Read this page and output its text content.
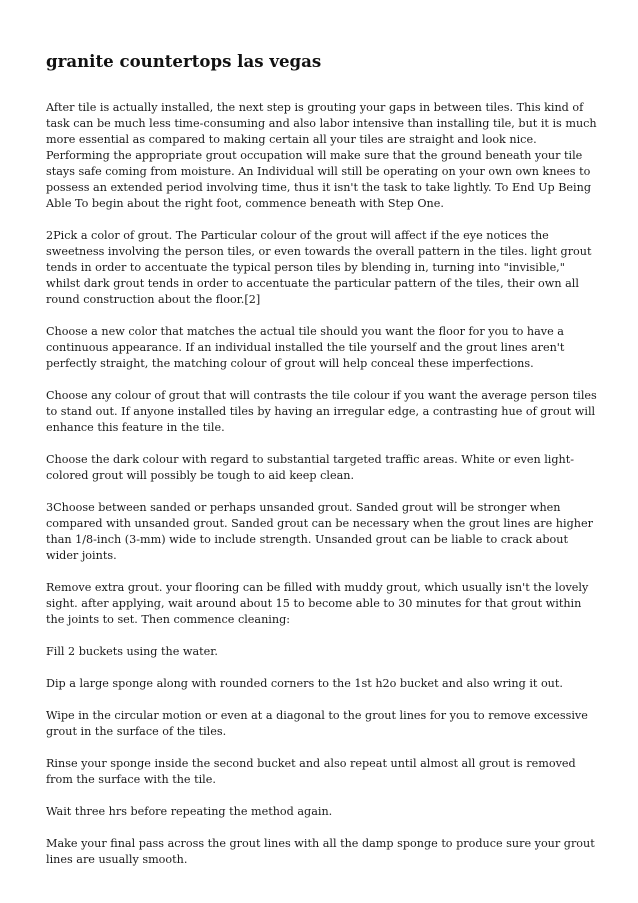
granite countertops las vegas

After tile is actually installed, the next step is grouting your gaps in between tiles. This kind of task can be much less time-consuming and also labor intensive than installing tile, but it is much more essential as compared to making certain all your tiles are straight and look nice. Performing the appropriate grout occupation will make sure that the ground beneath your tile stays safe coming from moisture. An Individual will still be operating on your own own knees to possess an extended period involving time, thus it isn't the task to take lightly. To End Up Being Able To begin about the right foot, commence beneath with Step One.

2Pick a color of grout. The Particular colour of the grout will affect if the eye notices the sweetness involving the person tiles, or even towards the overall pattern in the tiles. light grout tends in order to accentuate the typical person tiles by blending in, turning into "invisible," whilst dark grout tends in order to accentuate the particular pattern of the tiles, their own all round construction about the floor.[2]

Choose a new color that matches the actual tile should you want the floor for you to have a continuous appearance. If an individual installed the tile yourself and the grout lines aren't perfectly straight, the matching colour of grout will help conceal these imperfections.

Choose any colour of grout that will contrasts the tile colour if you want the average person tiles to stand out. If anyone installed tiles by having an irregular edge, a contrasting hue of grout will enhance this feature in the tile.

Choose the dark colour with regard to substantial targeted traffic areas. White or even light-colored grout will possibly be tough to aid keep clean.

3Choose between sanded or perhaps unsanded grout. Sanded grout will be stronger when compared with unsanded grout. Sanded grout can be necessary when the grout lines are higher than 1/8-inch (3-mm) wide to include strength. Unsanded grout can be liable to crack about wider joints.

Remove extra grout. your flooring can be filled with muddy grout, which usually isn't the lovely sight. after applying, wait around about 15 to become able to 30 minutes for that grout within the joints to set. Then commence cleaning:

Fill 2 buckets using the water.

Dip a large sponge along with rounded corners to the 1st h2o bucket and also wring it out.

Wipe in the circular motion or even at a diagonal to the grout lines for you to remove excessive grout in the surface of the tiles.

Rinse your sponge inside the second bucket and also repeat until almost all grout is removed from the surface with the tile.

Wait three hrs before repeating the method again.

Make your final pass across the grout lines with all the damp sponge to produce sure your grout lines are usually smooth.
